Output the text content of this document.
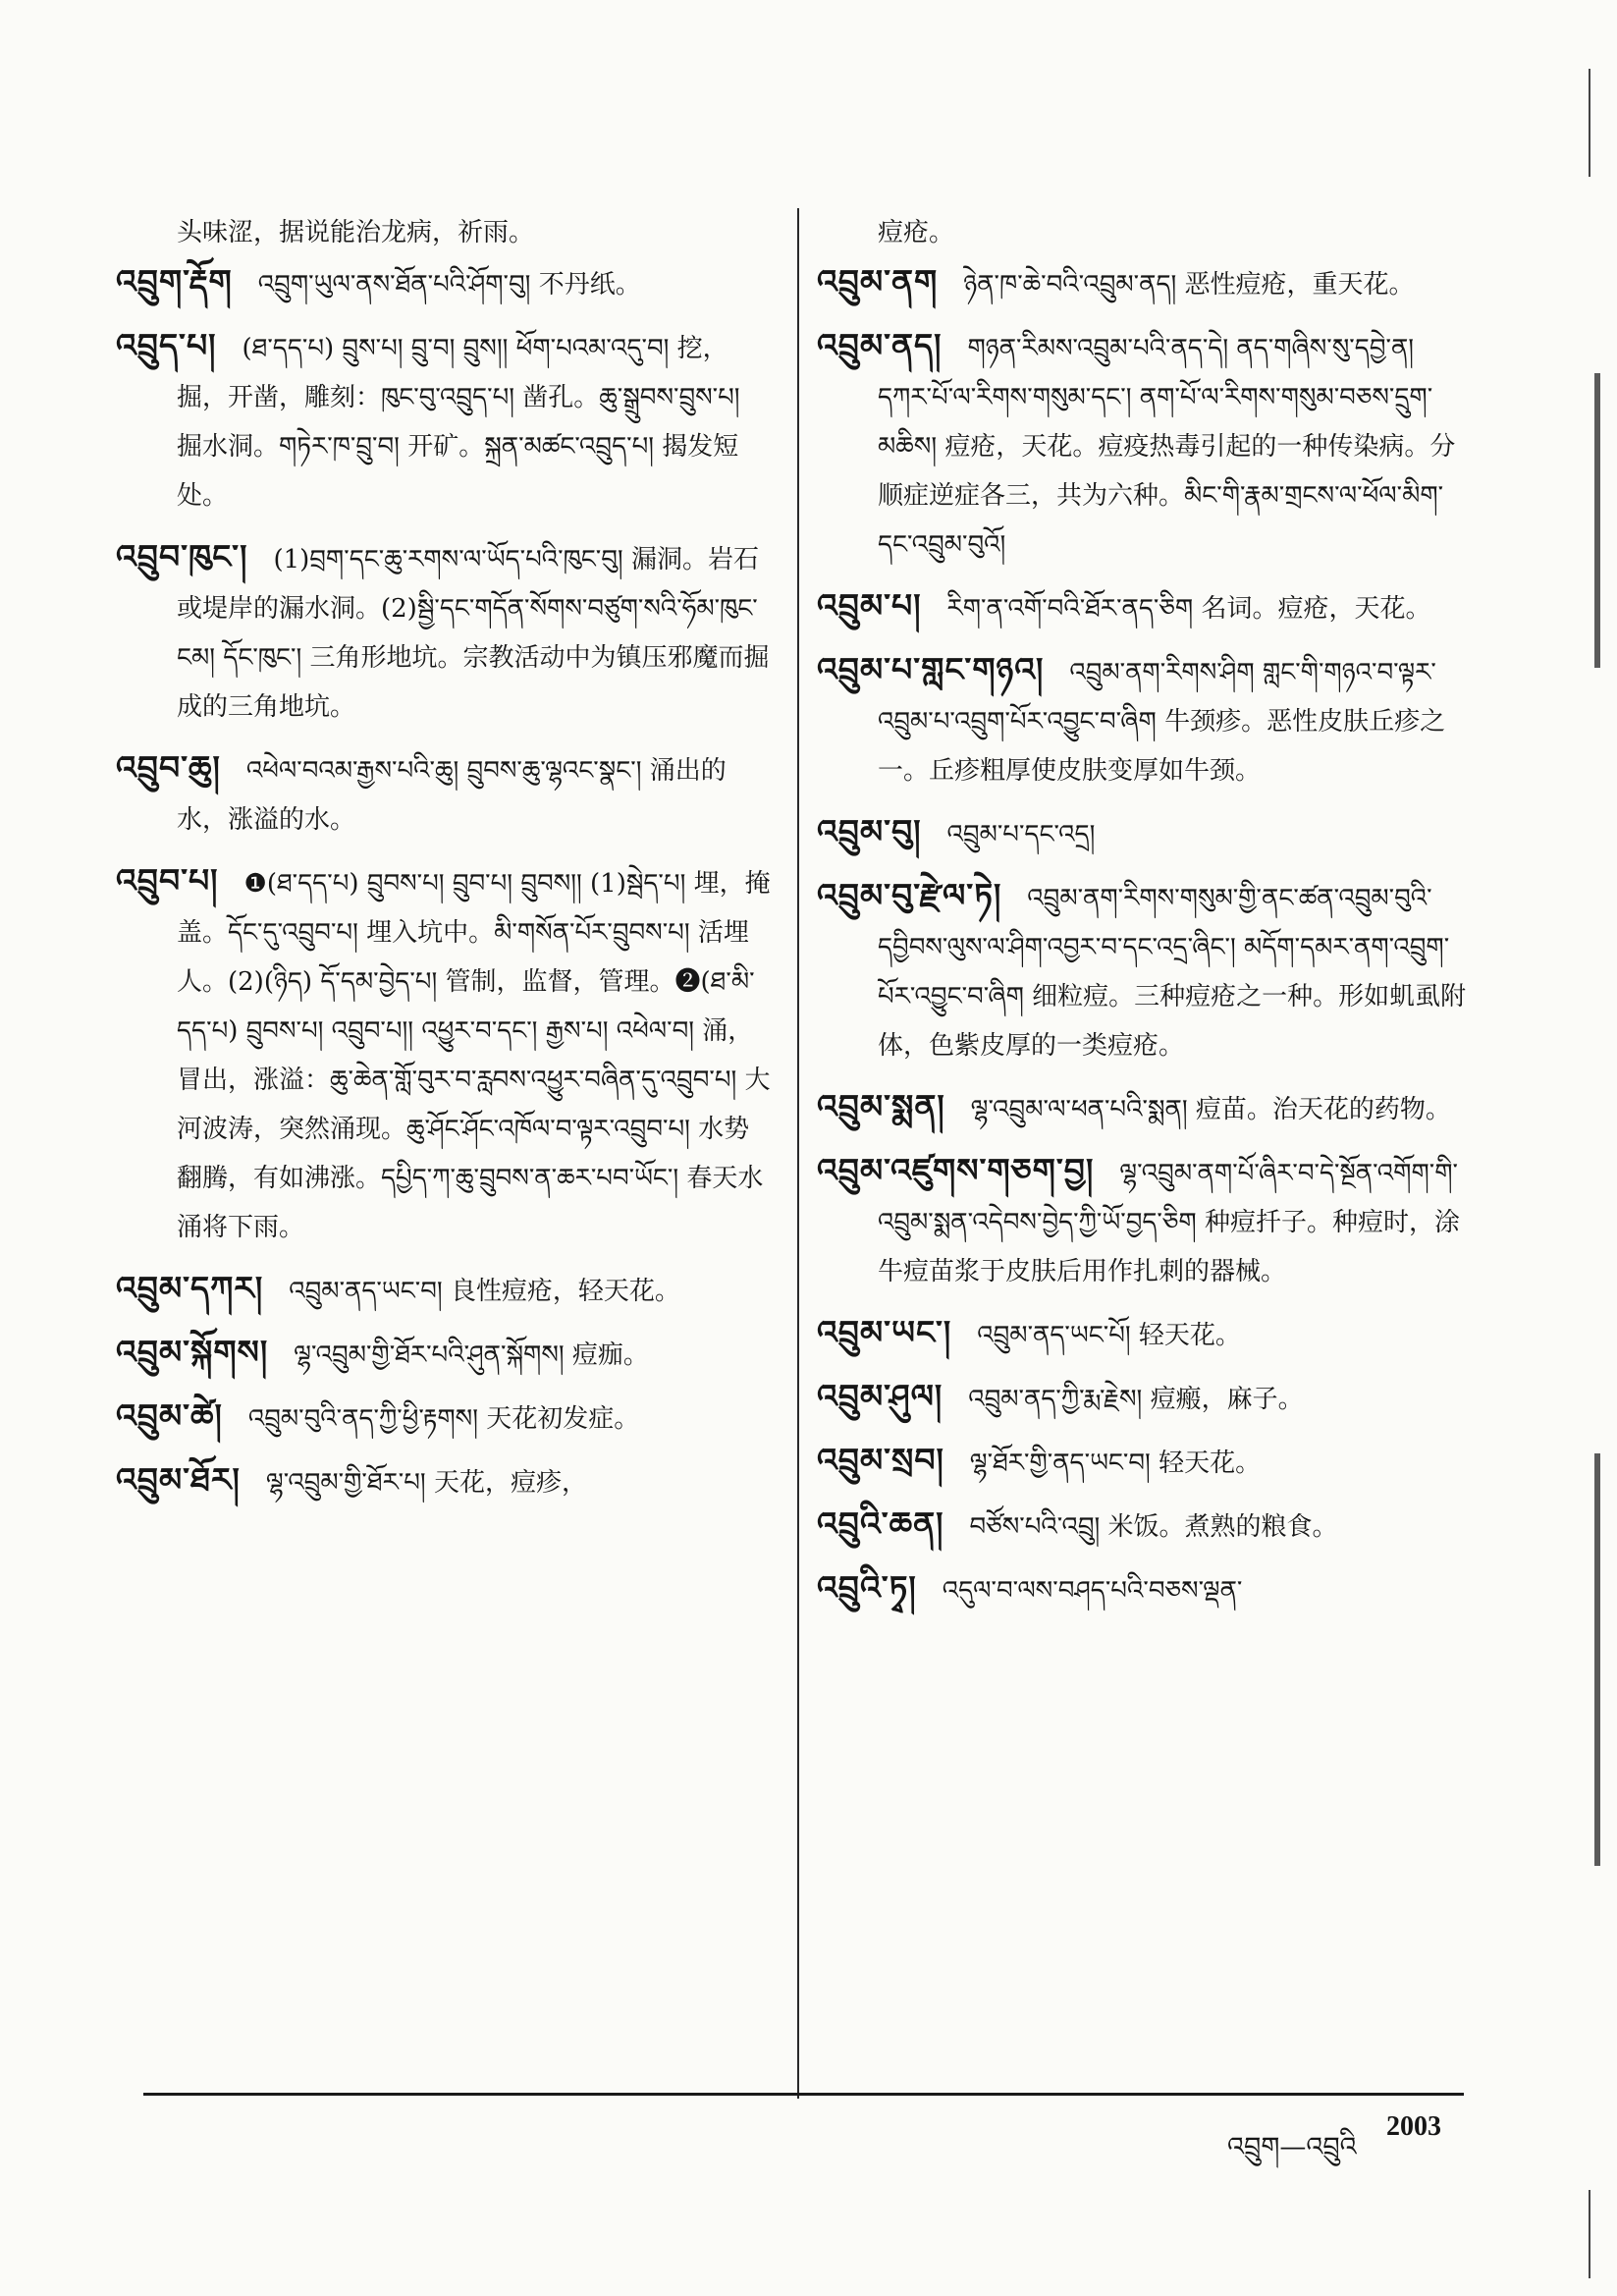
头味涩，据说能治龙病，祈雨。

འབྲུག་རྡོག འབྲུག་ཡུལ་ནས་ཐོན་པའི་ཤོག་བུ། 不丹纸。

འབྲུད་པ། (ཐ་དད་པ) བྲུས་པ། བྲུ་བ། བྲུས།། ཕོག་པའམ་འདུ་བ། 挖，掘，开凿，雕刻：ཁུང་བུ་འབྲུད་པ། 凿孔。ཆུ་སྒྲུབས་བྲུས་པ། 掘水洞。གཏེར་ཁ་བྲུ་བ། 开矿。སྐྲན་མཚང་འབྲུད་པ། 揭发短处。

འབྲུབ་ཁུང་། (1)བྲག་དང་ཆུ་རགས་ལ་ཡོད་པའི་ཁུང་བུ། 漏洞。岩石或堤岸的漏水洞。(2)སྦྱི་དང་གདོན་སོགས་བཙུག་སའི་ཧོམ་ཁུང་ངམ། དོང་ཁུང་། 三角形地坑。宗教活动中为镇压邪魔而掘成的三角地坑。

འབྲུབ་ཆུ། འཕེལ་བའམ་རྒྱས་པའི་ཆུ། བྲུབས་ཆུ་ལྷའང་སྣང་། 涌出的水，涨溢的水。

འབྲུབ་པ། ❶(ཐ་དད་པ) བྲུབས་པ། བྲུབ་པ། བྲུབས།། (1)སྦེད་པ། 埋，掩盖。དོང་དུ་འབྲུབ་པ། 埋入坑中。མི་གསོན་པོར་བྲུབས་པ། 活埋人。(2)(ཉིད) དོ་དམ་བྱེད་པ། 管制，监督，管理。❷(ཐ་མི་དད་པ) བྲུབས་པ། འབྲུབ་པ།། འཕྱུར་བ་དང་། རྒྱས་པ། འཕེལ་བ། 涌，冒出，涨溢：ཆུ་ཆེན་གློ་བུར་བ་རླབས་འཕྱུར་བཞིན་དུ་འབྲུབ་པ། 大河波涛，突然涌现。ཆུ་ཤོང་ཤོང་འཁོལ་བ་ལྟར་འབྲུབ་པ། 水势翻腾，有如沸涨。དཔྱིད་ཀ་ཆུ་བྲུབས་ན་ཆར་པབ་ཡོང་། 春天水涌将下雨。

འབྲུམ་དཀར། འབྲུམ་ནད་ཡང་བ། 良性痘疮，轻天花。

འབྲུམ་སྐོགས། ལྷ་འབྲུམ་གྱི་ཐོར་པའི་ཤུན་སྐོགས། 痘痂。

འབྲུམ་ཚེ། འབྲུམ་བུའི་ནད་ཀྱི་ཕྱི་རྟགས། 天花初发症。

འབྲུམ་ཐོར། ལྷ་འབྲུམ་གྱི་ཐོར་པ། 天花，痘疹，

痘疮。

འབྲུམ་ནག ཉེན་ཁ་ཆེ་བའི་འབྲུམ་ནད། 恶性痘疮，重天花。

འབྲུམ་ནད། གཉན་རིམས་འབྲུམ་པའི་ནད་དེ། ནད་གཞིས་སུ་དབྱེ་ན། དཀར་པོ་ལ་རིགས་གསུམ་དང་། ནག་པོ་ལ་རིགས་གསུམ་བཅས་དྲུག་མཆིས། 痘疮，天花。痘疫热毒引起的一种传染病。分顺症逆症各三，共为六种。མིང་གི་རྣམ་གྲངས་ལ་ཕོལ་མིག་དང་འབྲུམ་བུའོ།

འབྲུམ་པ། རིག་ན་འགོ་བའི་ཐོར་ནད་ཅིག 名词。痘疮，天花。

འབྲུམ་པ་གླང་གཉའ། འབྲུམ་ནག་རིགས་ཤིག གླང་གི་གཉའ་བ་ལྟར་འབྲུམ་པ་འབྲུག་པོར་འབྱུང་བ་ཞིག 牛颈疹。恶性皮肤丘疹之一。丘疹粗厚使皮肤变厚如牛颈。

འབྲུམ་བུ། འབྲུམ་པ་དང་འདྲ།

འབྲུམ་བུ་རྫེལ་ཏེ། འབྲུམ་ནག་རིགས་གསུམ་གྱི་ནང་ཚན་འབྲུམ་བུའི་དབྱིབས་ལུས་ལ་ཤིག་འབྱར་བ་དང་འདྲ་ཞིང་། མདོག་དམར་ནག་འབྲུག་པོར་འབྱུང་བ་ཞིག 细粒痘。三种痘疮之一种。形如虮虱附体，色紫皮厚的一类痘疮。

འབྲུམ་སྨན། ལྷ་འབྲུམ་ལ་ཕན་པའི་སྨན། 痘苗。治天花的药物。

འབྲུམ་འཛུགས་གཅག་བྱ། ལྷ་འབྲུམ་ནག་པོ་ཞིར་བ་དེ་སྔོན་འགོག་གི་འབྲུམ་སྨན་འདེབས་བྱེད་ཀྱི་ཡོ་བྱད་ཅིག 种痘扦子。种痘时，涂牛痘苗浆于皮肤后用作扎刺的器械。

འབྲུམ་ཡང་། འབྲུམ་ནད་ཡང་པོ། 轻天花。

འབྲུམ་ཤུལ། འབྲུམ་ནད་ཀྱི་རྨ་རྗེས། 痘瘢，麻子。

འབྲུམ་སྲབ། ལྷ་ཐོར་གྱི་ནད་ཡང་བ། 轻天花。

འབྲུའི་ཆན། བཙོས་པའི་འབྲུ། 米饭。煮熟的粮食。

འབྲུའི་ཏྭ། འདུལ་བ་ལས་བཤད་པའི་བཅས་ལྡན་

འབྲུག—འབྲུའི
2003
